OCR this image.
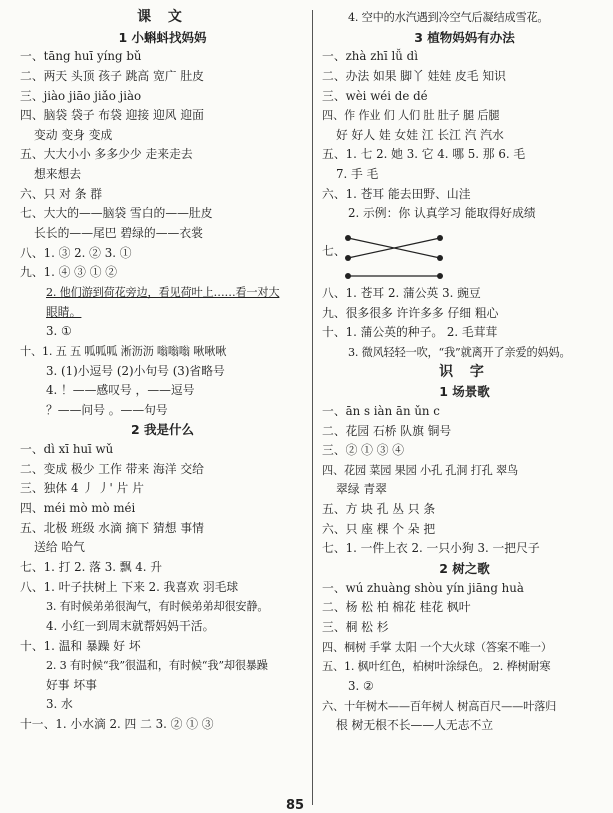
课 文
1 小蝌蚪找妈妈
一、tāng huī yíng bǔ
二、两天 头顶 孩子 跳高 宽广 肚皮
三、jiào jiāo jiǎo jiào
四、脑袋 袋子 布袋 迎接 迎风 迎面
变动 变身 变成
五、大大小小 多多少少 走来走去
想来想去
六、只 对 条 群
七、大大的——脑袋 雪白的——肚皮
长长的——尾巴 碧绿的——衣裳
八、1. ③ 2. ② 3. ①
九、1. ④ ③ ① ②
2. 他们游到荷花旁边，看见荷叶上……看一对大
眼睛。
3. ①
十、1. 五 五 呱呱呱 淅沥沥 嗡嗡嗡 啾啾啾
3. (1)小逗号 (2)小句号 (3)省略号
4. ！——感叹号 ，——逗号
？——问号 。——句号
2 我是什么
一、dì xī huī wǔ
二、变成 极少 工作 带来 海洋 交给
三、独体 4 丿 丿' 片 片
四、méi mò mò méi
五、北极 班级 水滴 摘下 猜想 事情
送给 哈气
七、1. 打 2. 落 3. 飘 4. 升
八、1. 叶子扶树上 下来 2. 我喜欢 羽毛球
3. 有时候弟弟很淘气，有时候弟弟却很安静。
4. 小红一到周末就帮妈妈干活。
十、1. 温和 暴躁 好 坏
2. 3 有时候“我”很温和，有时候“我”却很暴躁
好事 坏事
3. 水
十一、1. 小水滴 2. 四 二 3. ② ① ③
4. 空中的水汽遇到冷空气后凝结成雪花。
3 植物妈妈有办法
一、zhà zhī lǚ dì
二、办法 如果 脚丫 娃娃 皮毛 知识
三、wèi wéi de dé
四、作 作业 们 人们 肚 肚子 腿 后腿
好 好人 娃 女娃 江 长江 汽 汽水
五、1. 七 2. 她 3. 它 4. 哪 5. 那 6. 毛
7. 手 毛
六、1. 苍耳 能去田野、山洼
2. 示例：你 认真学习 能取得好成绩
七、
八、1. 苍耳 2. 蒲公英 3. 豌豆
九、很多很多 许许多多 仔细 粗心
十、1. 蒲公英的种子。 2. 毛茸茸
3. 微风轻轻一吹，“我”就离开了亲爱的妈妈。
识 字
1 场景歌
一、ān s iàn ān ǔn c
二、花园 石桥 队旗 铜号
三、② ① ③ ④
四、花园 菜园 果园 小孔 孔洞 打孔 翠鸟
翠绿 青翠
五、方 块 孔 丛 只 条
六、只 座 棵 个 朵 把
七、1. 一件上衣 2. 一只小狗 3. 一把尺子
2 树之歌
一、wú zhuàng shòu yín jiāng huà
二、杨 松 柏 棉花 桂花 枫叶
三、桐 松 杉
四、桐树 手掌 太阳 一个大火球（答案不唯一）
五、1. 枫叶红色，柏树叶涂绿色。 2. 桦树耐寒
3. ②
六、十年树木——百年树人 树高百尺——叶落归
根 树无根不长——人无志不立
85
